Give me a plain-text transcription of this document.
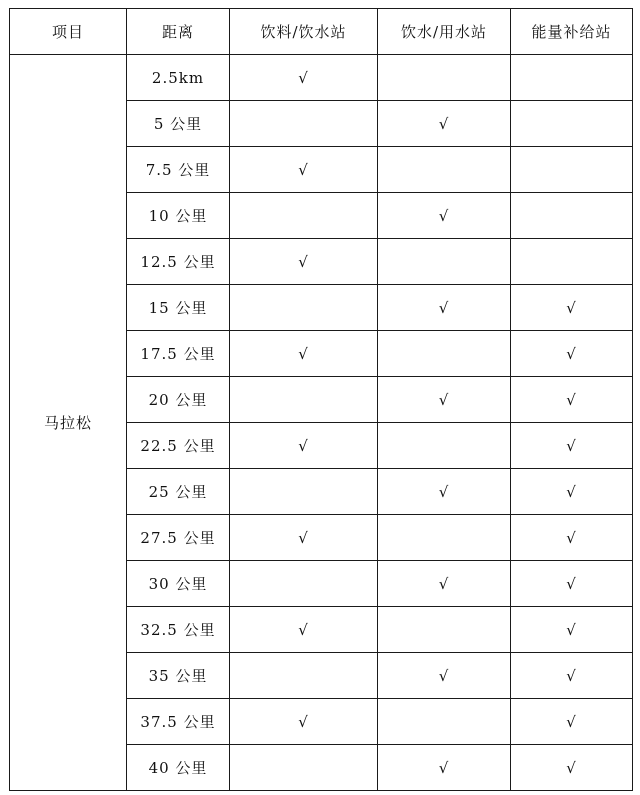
项目	距离	饮料/饮水站	饮水/用水站	能量补给站
马拉松	2.5km	√		
	5 公里		√	
	7.5 公里	√		
	10 公里		√	
	12.5 公里	√		
	15 公里		√	√
	17.5 公里	√		√
	20 公里		√	√
	22.5 公里	√		√
	25 公里		√	√
	27.5 公里	√		√
	30 公里		√	√
	32.5 公里	√		√
	35 公里		√	√
	37.5 公里	√		√
	40 公里		√	√
